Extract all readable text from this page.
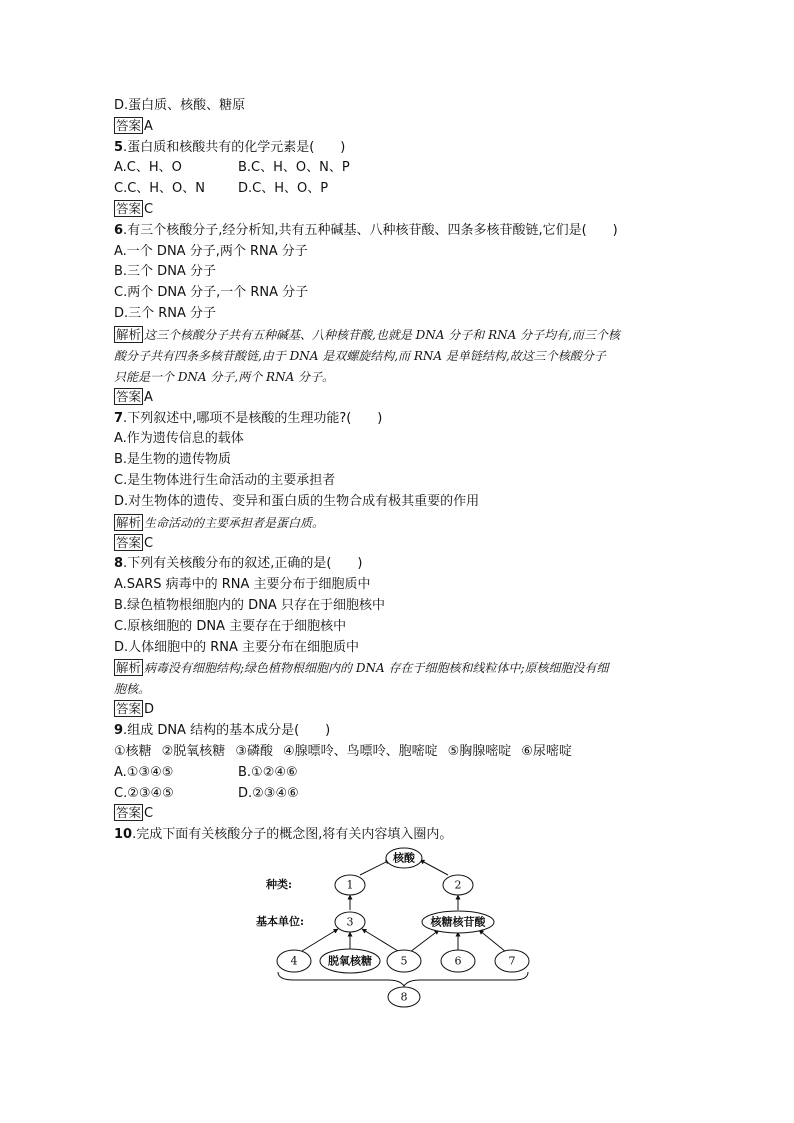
D.蛋白质、核酸、糖原
答案 A
5.蛋白质和核酸共有的化学元素是(　　)
A.C、H、O	B.C、H、O、N、P
C.C、H、O、N	D.C、H、O、P
答案 C
6.有三个核酸分子,经分析知,共有五种碱基、八种核苷酸、四条多核苷酸链,它们是(　　)
A.一个 DNA 分子,两个 RNA 分子
B.三个 DNA 分子
C.两个 DNA 分子,一个 RNA 分子
D.三个 RNA 分子
解析 这三个核酸分子共有五种碱基、八种核苷酸,也就是 DNA 分子和 RNA 分子均有,而三个核
酸分子共有四条多核苷酸链,由于 DNA 是双螺旋结构,而 RNA 是单链结构,故这三个核酸分子
只能是一个 DNA 分子,两个 RNA 分子。
答案 A
7.下列叙述中,哪项不是核酸的生理功能?(　　)
A.作为遗传信息的载体
B.是生物的遗传物质
C.是生物体进行生命活动的主要承担者
D.对生物体的遗传、变异和蛋白质的生物合成有极其重要的作用
解析 生命活动的主要承担者是蛋白质。
答案 C
8.下列有关核酸分布的叙述,正确的是(　　)
A.SARS 病毒中的 RNA 主要分布于细胞质中
B.绿色植物根细胞内的 DNA 只存在于细胞核中
C.原核细胞的 DNA 主要存在于细胞核中
D.人体细胞中的 RNA 主要分布在细胞质中
解析 病毒没有细胞结构;绿色植物根细胞内的 DNA 存在于细胞核和线粒体中;原核细胞没有细
胞核。
答案 D
9.组成 DNA 结构的基本成分是(　　)
①核糖 ②脱氧核糖 ③磷酸 ④腺嘌呤、鸟嘌呤、胞嘧啶 ⑤胸腺嘧啶 ⑥尿嘧啶
A.①③④⑤	B.①②④⑥
C.②③④⑤	D.②③④⑥
答案 C
10.完成下面有关核酸分子的概念图,将有关内容填入圈内。
核酸
1	2
3	核糖核苷酸
4	脱氧核糖	5	6	7
8
种类:
基本单位:
